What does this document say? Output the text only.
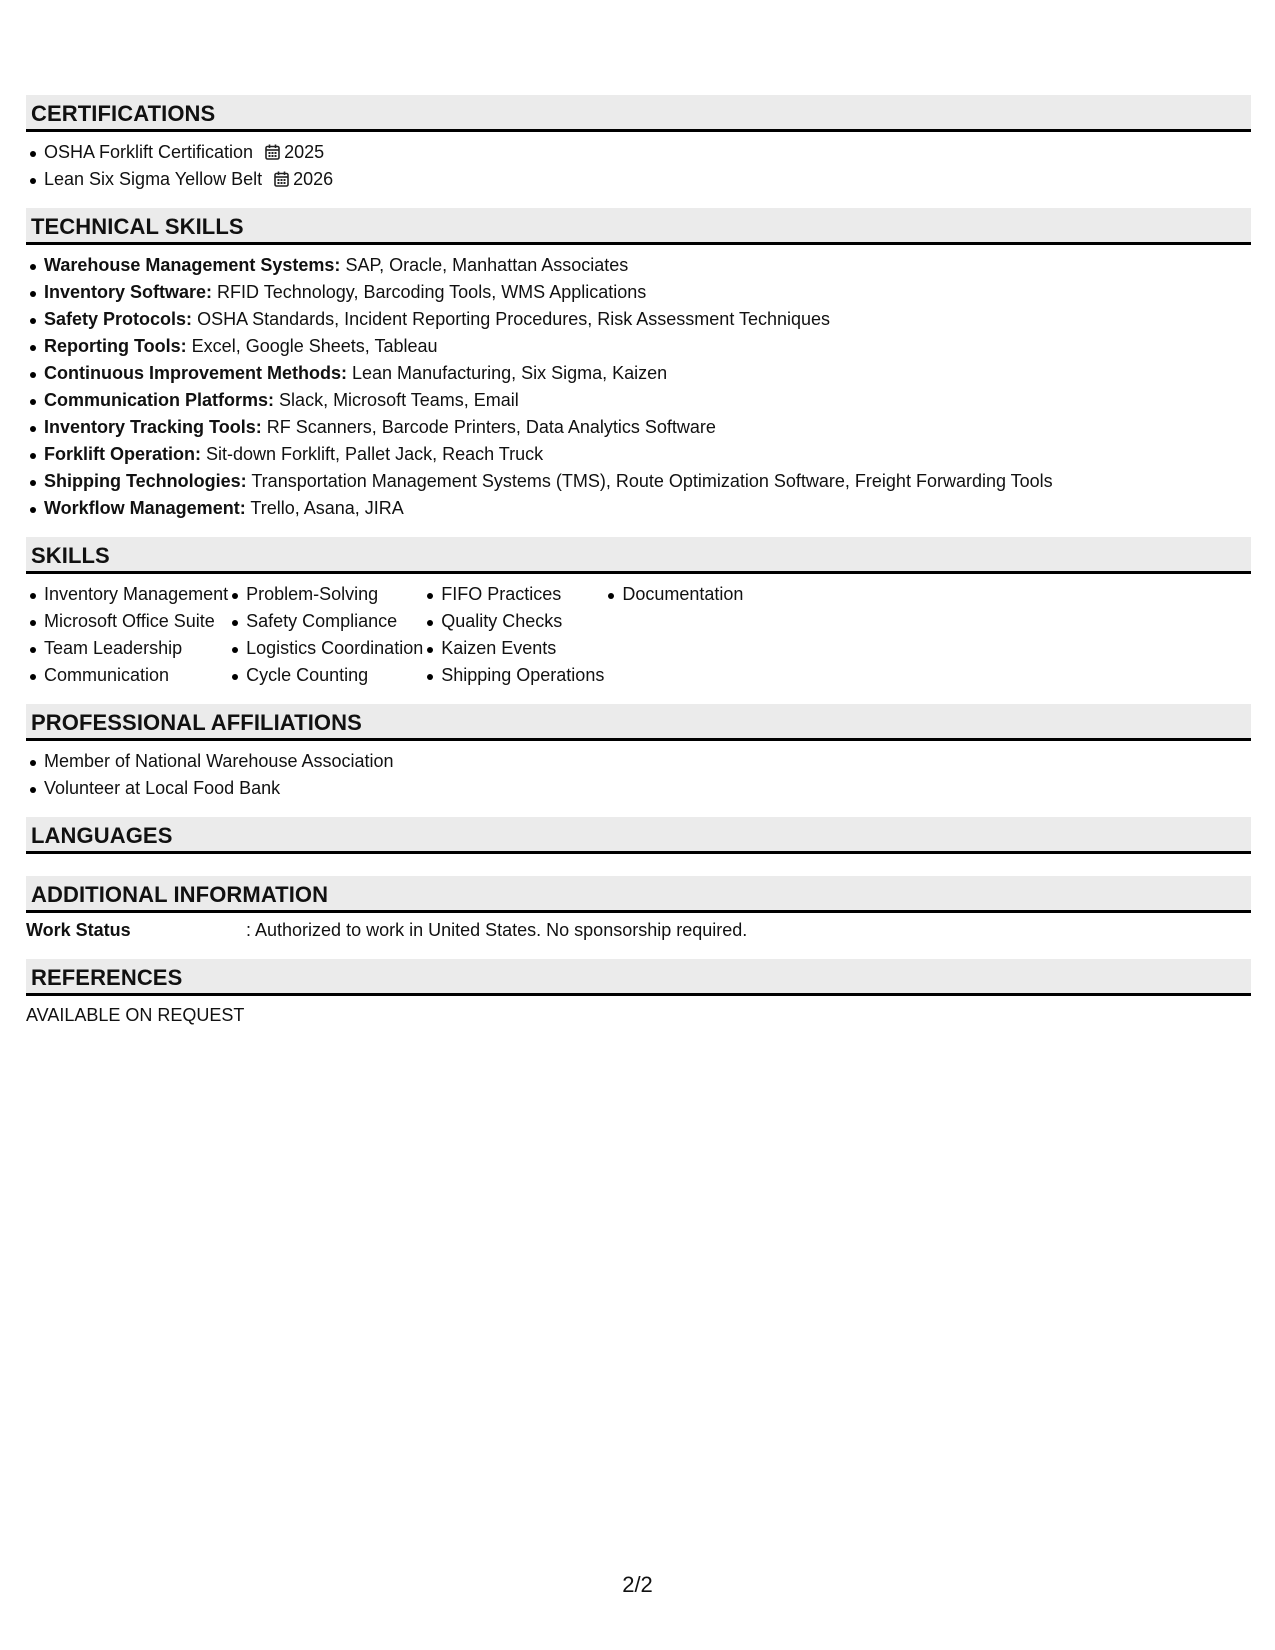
CERTIFICATIONS
OSHA Forklift Certification 2025
Lean Six Sigma Yellow Belt 2026
TECHNICAL SKILLS
Warehouse Management Systems: SAP, Oracle, Manhattan Associates
Inventory Software: RFID Technology, Barcoding Tools, WMS Applications
Safety Protocols: OSHA Standards, Incident Reporting Procedures, Risk Assessment Techniques
Reporting Tools: Excel, Google Sheets, Tableau
Continuous Improvement Methods: Lean Manufacturing, Six Sigma, Kaizen
Communication Platforms: Slack, Microsoft Teams, Email
Inventory Tracking Tools: RF Scanners, Barcode Printers, Data Analytics Software
Forklift Operation: Sit-down Forklift, Pallet Jack, Reach Truck
Shipping Technologies: Transportation Management Systems (TMS), Route Optimization Software, Freight Forwarding Tools
Workflow Management: Trello, Asana, JIRA
SKILLS
Inventory Management
Microsoft Office Suite
Team Leadership
Communication
Problem-Solving
Safety Compliance
Logistics Coordination
Cycle Counting
FIFO Practices
Quality Checks
Kaizen Events
Shipping Operations
Documentation
PROFESSIONAL AFFILIATIONS
Member of National Warehouse Association
Volunteer at Local Food Bank
LANGUAGES
ADDITIONAL INFORMATION
Work Status	: Authorized to work in United States. No sponsorship required.
REFERENCES
AVAILABLE ON REQUEST
2/2
